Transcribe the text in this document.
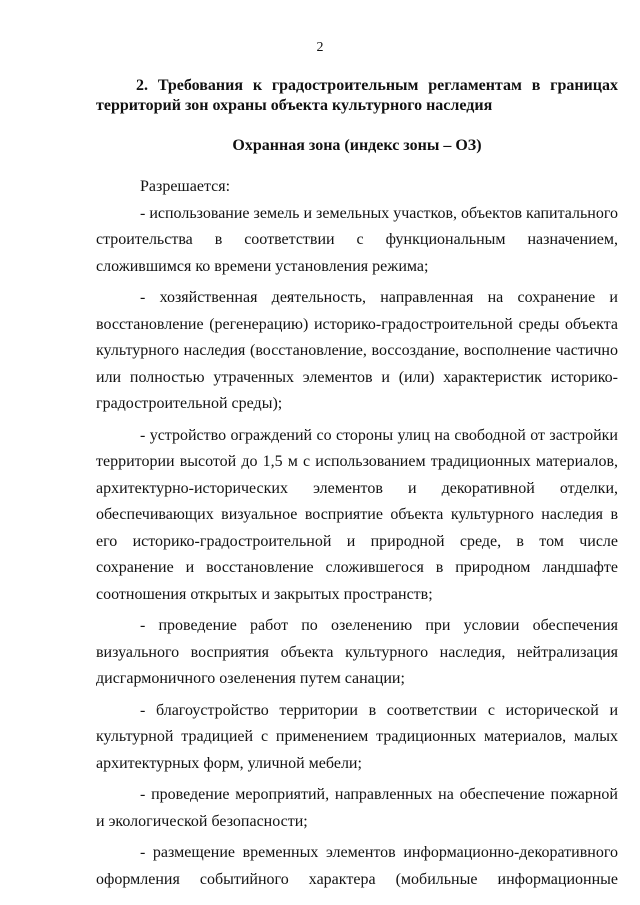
2
2. Требования к градостроительным регламентам в границах
территорий зон охраны объекта культурного наследия
Охранная зона (индекс зоны – ОЗ)

Разрешается:

- использование земель и земельных участков, объектов капитального строительства в соответствии с функциональным назначением, сложившимся ко времени установления режима;

- хозяйственная деятельность, направленная на сохранение и восстановление (регенерацию) историко-градостроительной среды объекта культурного наследия (восстановление, воссоздание, восполнение частично или полностью утраченных элементов и (или) характеристик историко-градостроительной среды);

- устройство ограждений со стороны улиц на свободной от застройки территории высотой до 1,5 м с использованием традиционных материалов, архитектурно-исторических элементов и декоративной отделки, обеспечивающих визуальное восприятие объекта культурного наследия в его историко-градостроительной и природной среде, в том числе сохранение и восстановление сложившегося в природном ландшафте соотношения открытых и закрытых пространств;

- проведение работ по озеленению при условии обеспечения визуального восприятия объекта культурного наследия, нейтрализация дисгармоничного озеленения путем санации;

- благоустройство территории в соответствии с исторической и культурной традицией с применением традиционных материалов, малых архитектурных форм, уличной мебели;

- проведение мероприятий, направленных на обеспечение пожарной и экологической безопасности;

- размещение временных элементов информационно-декоративного оформления событийного характера (мобильные информационные
